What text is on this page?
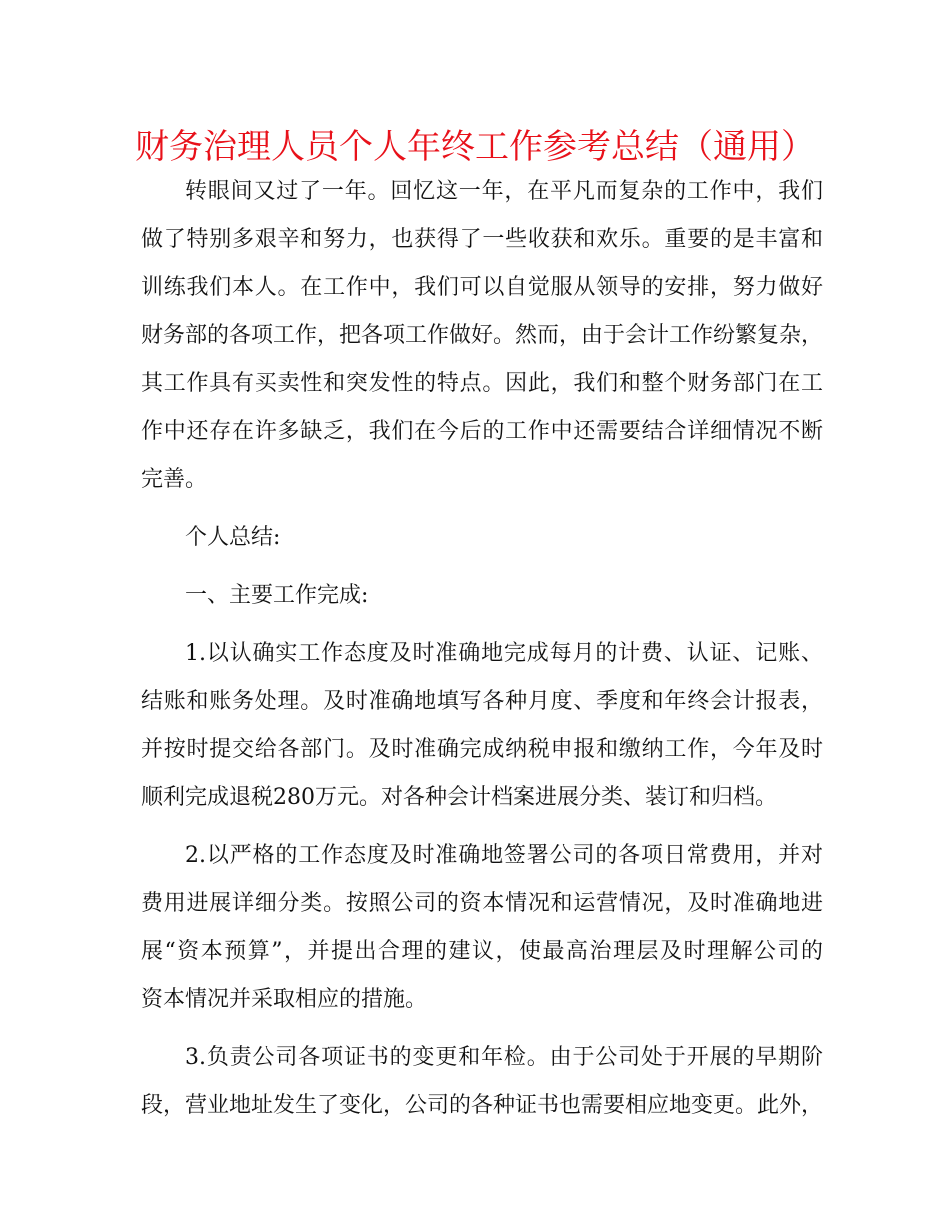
财务治理人员个人年终工作参考总结（通用）
转眼间又过了一年。回忆这一年，在平凡而复杂的工作中，我们
做了特别多艰辛和努力，也获得了一些收获和欢乐。重要的是丰富和
训练我们本人。在工作中，我们可以自觉服从领导的安排，努力做好
财务部的各项工作，把各项工作做好。然而，由于会计工作纷繁复杂，
其工作具有买卖性和突发性的特点。因此，我们和整个财务部门在工
作中还存在许多缺乏，我们在今后的工作中还需要结合详细情况不断
完善。
个人总结:
一、主要工作完成:
1.以认确实工作态度及时准确地完成每月的计费、认证、记账、
结账和账务处理。及时准确地填写各种月度、季度和年终会计报表，
并按时提交给各部门。及时准确完成纳税申报和缴纳工作，今年及时
顺利完成退税280万元。对各种会计档案进展分类、装订和归档。
2.以严格的工作态度及时准确地签署公司的各项日常费用，并对
费用进展详细分类。按照公司的资本情况和运营情况，及时准确地进
展“资本预算”，并提出合理的建议，使最高治理层及时理解公司的
资本情况并采取相应的措施。
3.负责公司各项证书的变更和年检。由于公司处于开展的早期阶
段，营业地址发生了变化，公司的各种证书也需要相应地变更。此外，
